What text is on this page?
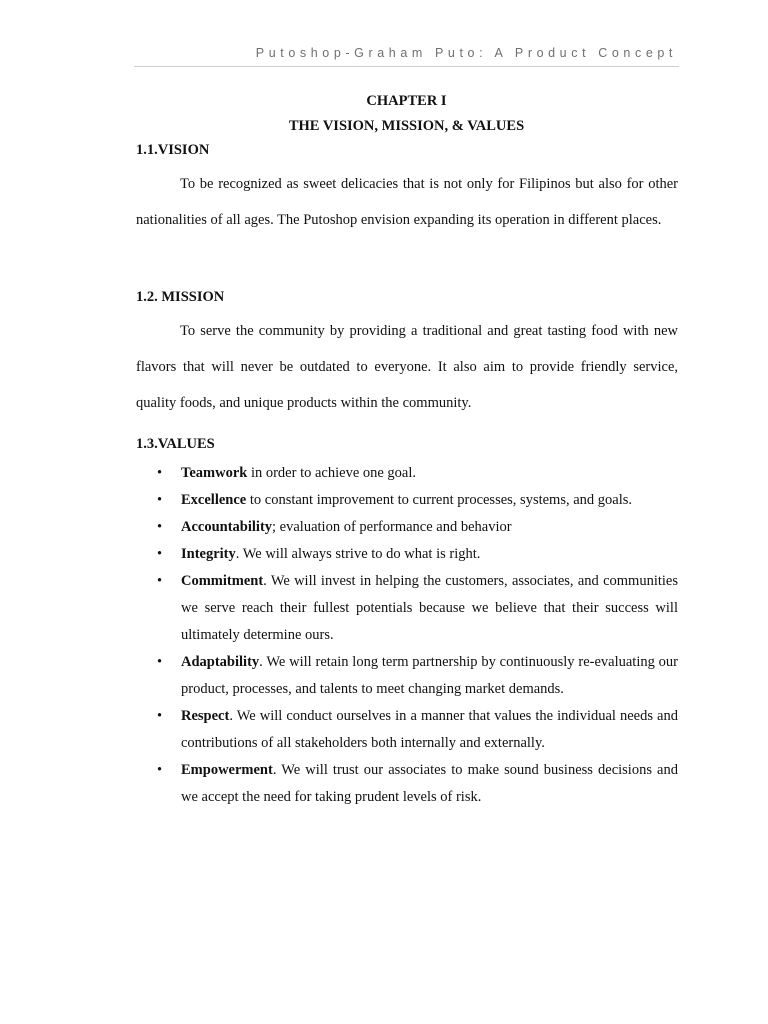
Putoshop-Graham Puto: A Product Concept
CHAPTER I
THE VISION, MISSION, & VALUES
1.1.VISION

To be recognized as sweet delicacies that is not only for Filipinos but also for other nationalities of all ages. The Putoshop envision expanding its operation in different places.

1.2. MISSION

To serve the community by providing a traditional and great tasting food with new flavors that will never be outdated to everyone. It also aim to provide friendly service, quality foods, and unique products within the community.

1.3.VALUES
• Teamwork in order to achieve one goal.
• Excellence to constant improvement to current processes, systems, and goals.
• Accountability; evaluation of performance and behavior
• Integrity. We will always strive to do what is right.
• Commitment. We will invest in helping the customers, associates, and communities we serve reach their fullest potentials because we believe that their success will ultimately determine ours.
• Adaptability. We will retain long term partnership by continuously re-evaluating our product, processes, and talents to meet changing market demands.
• Respect. We will conduct ourselves in a manner that values the individual needs and contributions of all stakeholders both internally and externally.
• Empowerment. We will trust our associates to make sound business decisions and we accept the need for taking prudent levels of risk.
